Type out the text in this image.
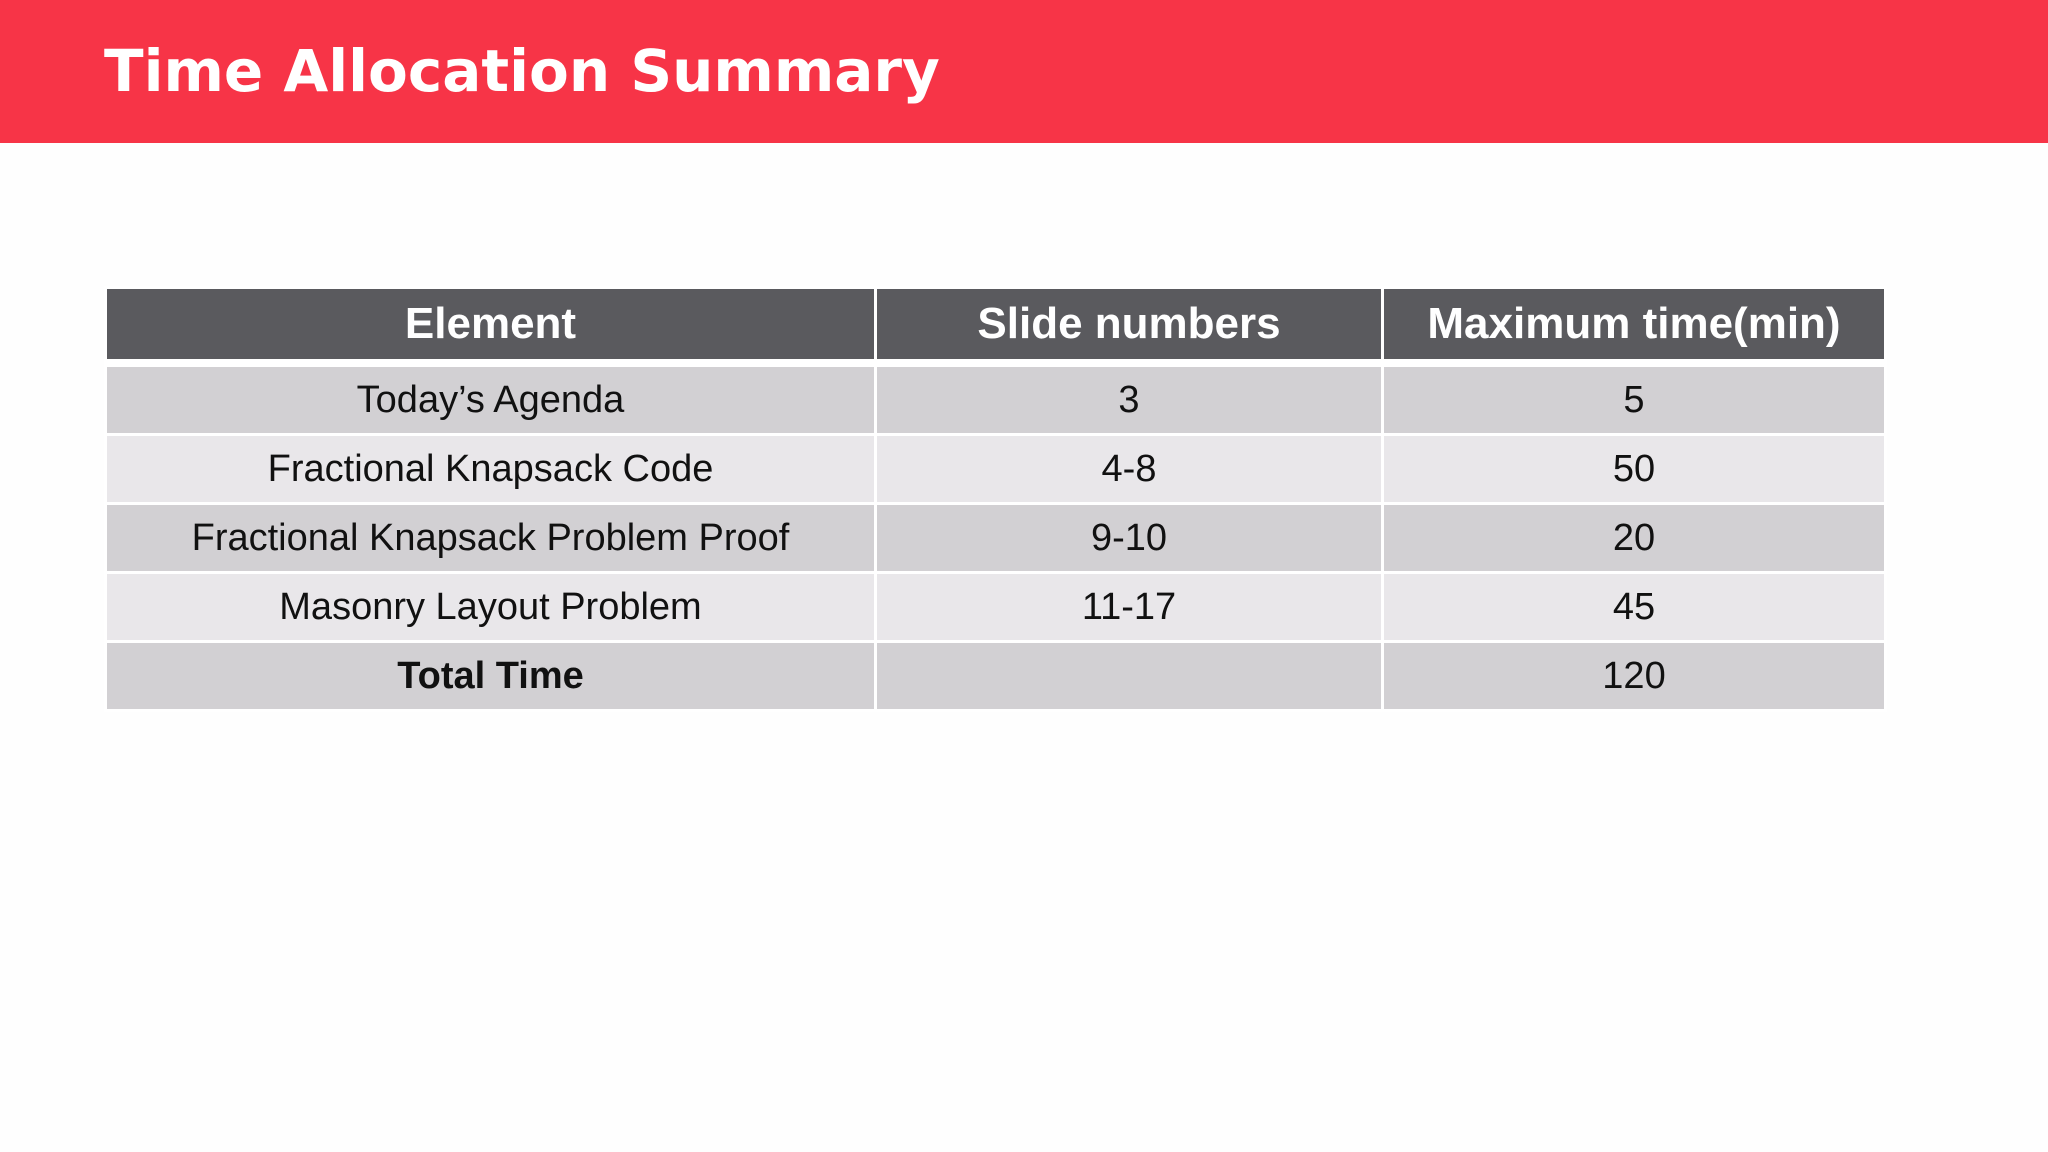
Time Allocation Summary
Element	Slide numbers	Maximum time(min)
Today’s Agenda	3	5
Fractional Knapsack Code	4-8	50
Fractional Knapsack Problem Proof	9-10	20
Masonry Layout Problem	11-17	45
Total Time		120
